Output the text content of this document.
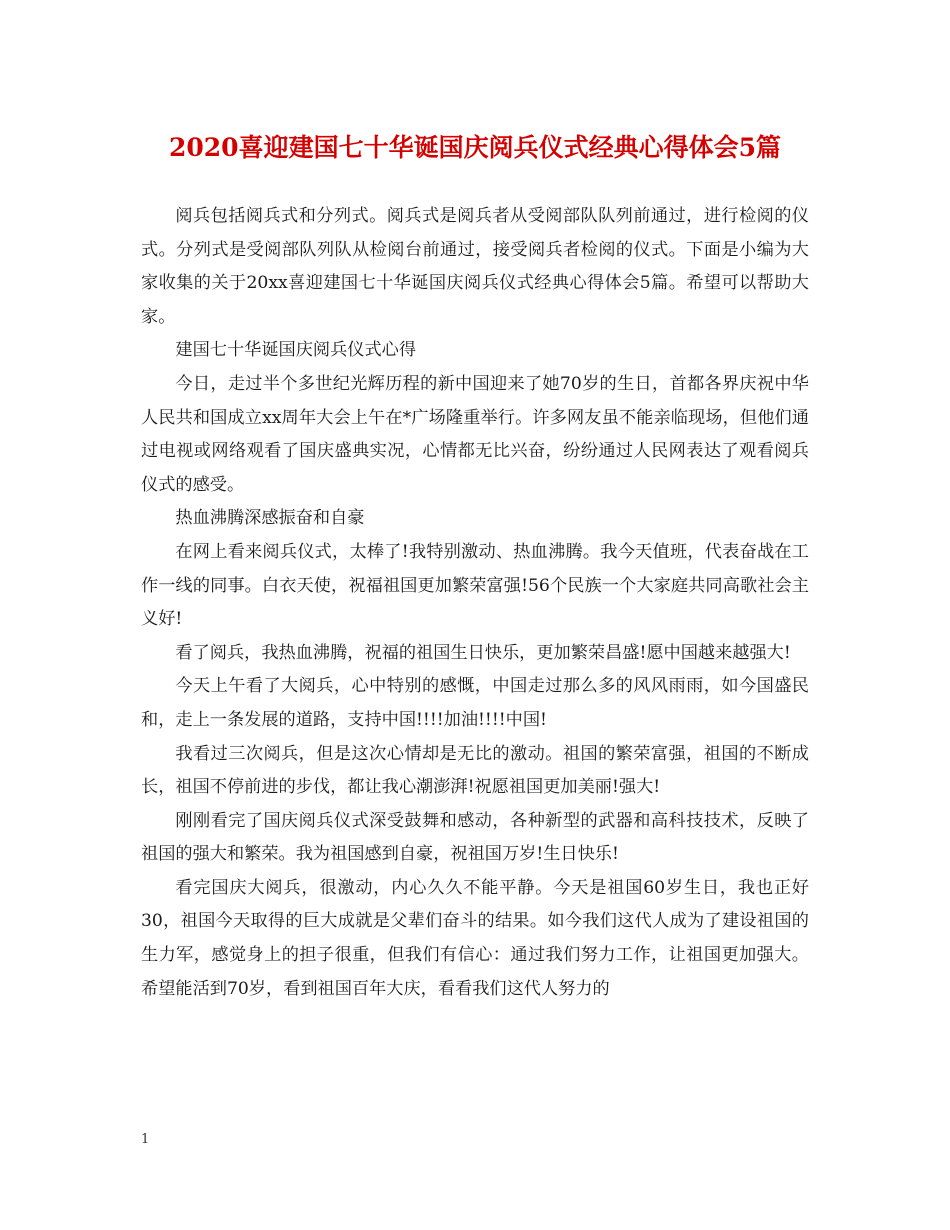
2020喜迎建国七十华诞国庆阅兵仪式经典心得体会5篇

阅兵包括阅兵式和分列式。阅兵式是阅兵者从受阅部队队列前通过，进行检阅的仪式。分列式是受阅部队列队从检阅台前通过，接受阅兵者检阅的仪式。下面是小编为大家收集的关于20xx喜迎建国七十华诞国庆阅兵仪式经典心得体会5篇。希望可以帮助大家。

建国七十华诞国庆阅兵仪式心得

今日，走过半个多世纪光辉历程的新中国迎来了她70岁的生日，首都各界庆祝中华人民共和国成立xx周年大会上午在*广场隆重举行。许多网友虽不能亲临现场，但他们通过电视或网络观看了国庆盛典实况，心情都无比兴奋，纷纷通过人民网表达了观看阅兵仪式的感受。

热血沸腾深感振奋和自豪

在网上看来阅兵仪式，太棒了!我特别激动、热血沸腾。我今天值班，代表奋战在工作一线的同事。白衣天使，祝福祖国更加繁荣富强!56个民族一个大家庭共同高歌社会主义好!

看了阅兵，我热血沸腾，祝福的祖国生日快乐，更加繁荣昌盛!愿中国越来越强大!

今天上午看了大阅兵，心中特别的感慨，中国走过那么多的风风雨雨，如今国盛民和，走上一条发展的道路，支持中国!!!!加油!!!!中国!

我看过三次阅兵，但是这次心情却是无比的激动。祖国的繁荣富强，祖国的不断成长，祖国不停前进的步伐，都让我心潮澎湃!祝愿祖国更加美丽!强大!

刚刚看完了国庆阅兵仪式深受鼓舞和感动，各种新型的武器和高科技技术，反映了祖国的强大和繁荣。我为祖国感到自豪，祝祖国万岁!生日快乐!

看完国庆大阅兵，很激动，内心久久不能平静。今天是祖国60岁生日，我也正好30，祖国今天取得的巨大成就是父辈们奋斗的结果。如今我们这代人成为了建设祖国的生力军，感觉身上的担子很重，但我们有信心：通过我们努力工作，让祖国更加强大。希望能活到70岁，看到祖国百年大庆，看看我们这代人努力的

1
